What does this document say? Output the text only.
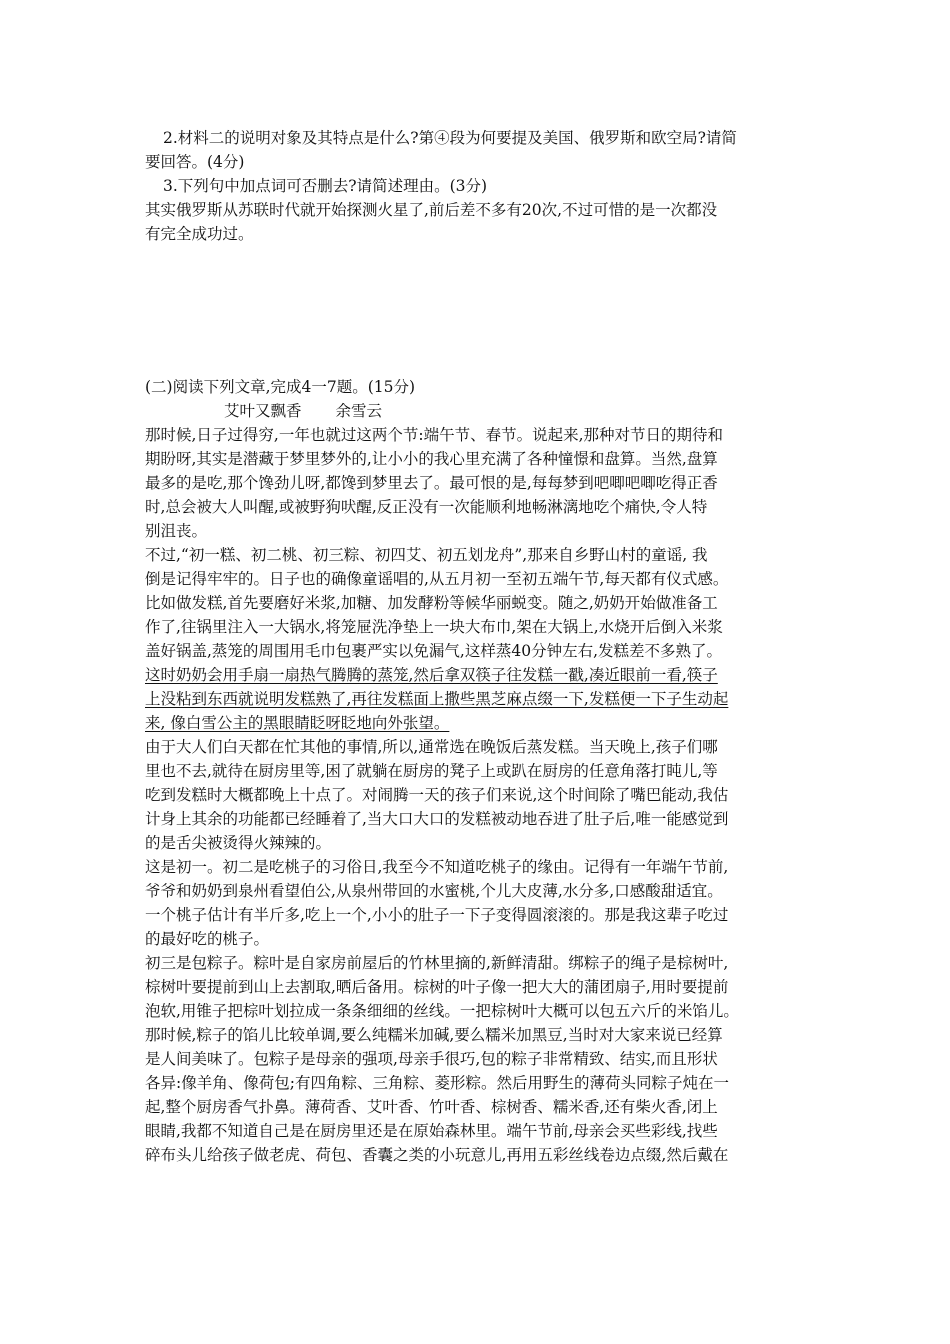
2.材料二的说明对象及其特点是什么?第④段为何要提及美国、俄罗斯和欧空局?请简
要回答。(4分)
3.下列句中加点词可否删去?请简述理由。(3分)
其实俄罗斯从苏联时代就开始探测火星了,前后差不多有20次,不过可惜的是一次都没
有完全成功过。
(二)阅读下列文章,完成4一7题。(15分)
艾叶又飘香 余雪云
那时候,日子过得穷,一年也就过这两个节:端午节、春节。说起来,那种对节日的期待和
期盼呀,其实是潜藏于梦里梦外的,让小小的我心里充满了各种憧憬和盘算。当然,盘算
最多的是吃,那个馋劲儿呀,都馋到梦里去了。最可恨的是,每每梦到吧唧吧唧吃得正香
时,总会被大人叫醒,或被野狗吠醒,反正没有一次能顺利地畅淋漓地吃个痛快,令人特
别沮丧。
不过,“初一糕、初二桃、初三粽、初四艾、初五划龙舟”,那来自乡野山村的童谣, 我
倒是记得牢牢的。日子也的确像童谣唱的,从五月初一至初五端午节,每天都有仪式感。
比如做发糕,首先要磨好米浆,加糖、加发酵粉等候华丽蜕变。随之,奶奶开始做准备工
作了,往锅里注入一大锅水,将笼屉洗净垫上一块大布巾,架在大锅上,水烧开后倒入米浆
盖好锅盖,蒸笼的周围用毛巾包裹严实以免漏气,这样蒸40分钟左右,发糕差不多熟了。
这时奶奶会用手扇一扇热气腾腾的蒸笼,然后拿双筷子往发糕一戳,凑近眼前一看,筷子
上没粘到东西就说明发糕熟了,再往发糕面上撒些黑芝麻点缀一下,发糕便一下子生动起
来, 像白雪公主的黑眼睛眨呀眨地向外张望。
由于大人们白天都在忙其他的事情,所以,通常选在晚饭后蒸发糕。当天晚上,孩子们哪
里也不去,就待在厨房里等,困了就躺在厨房的凳子上或趴在厨房的任意角落打盹儿,等
吃到发糕时大概都晚上十点了。对闹腾一天的孩子们来说,这个时间除了嘴巴能动,我估
计身上其余的功能都已经睡着了,当大口大口的发糕被动地吞进了肚子后,唯一能感觉到
的是舌尖被烫得火辣辣的。
这是初一。初二是吃桃子的习俗日,我至今不知道吃桃子的缘由。记得有一年端午节前,
爷爷和奶奶到泉州看望伯公,从泉州带回的水蜜桃,个儿大皮薄,水分多,口感酸甜适宜。
一个桃子估计有半斤多,吃上一个,小小的肚子一下子变得圆滚滚的。那是我这辈子吃过
的最好吃的桃子。
初三是包粽子。粽叶是自家房前屋后的竹林里摘的,新鲜清甜。绑粽子的绳子是棕树叶,
棕树叶要提前到山上去割取,晒后备用。棕树的叶子像一把大大的蒲团扇子,用时要提前
泡软,用锥子把棕叶划拉成一条条细细的丝线。一把棕树叶大概可以包五六斤的米馅儿。
那时候,粽子的馅儿比较单调,要么纯糯米加碱,要么糯米加黑豆,当时对大家来说已经算
是人间美味了。包粽子是母亲的强项,母亲手很巧,包的粽子非常精致、结实,而且形状
各异:像羊角、像荷包;有四角粽、三角粽、菱形粽。然后用野生的薄荷头同粽子炖在一
起,整个厨房香气扑鼻。薄荷香、艾叶香、竹叶香、棕树香、糯米香,还有柴火香,闭上
眼睛,我都不知道自己是在厨房里还是在原始森林里。端午节前,母亲会买些彩线,找些
碎布头儿给孩子做老虎、荷包、香囊之类的小玩意儿,再用五彩丝线卷边点缀,然后戴在
